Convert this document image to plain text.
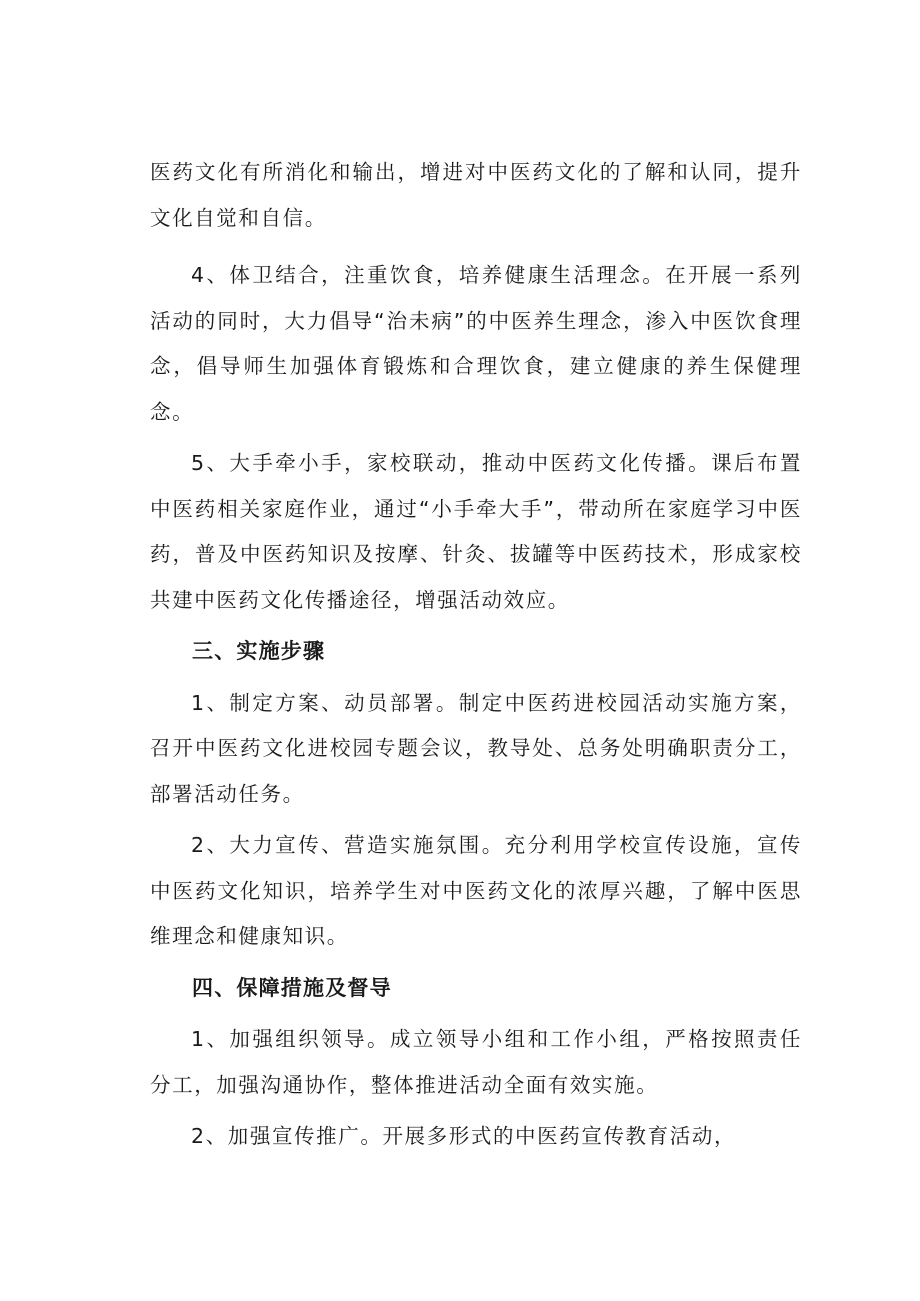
医药文化有所消化和输出，增进对中医药文化的了解和认同，提升文化自觉和自信。

4、体卫结合，注重饮食，培养健康生活理念。在开展一系列活动的同时，大力倡导“治未病”的中医养生理念，渗入中医饮食理念，倡导师生加强体育锻炼和合理饮食，建立健康的养生保健理念。

5、大手牵小手，家校联动，推动中医药文化传播。课后布置中医药相关家庭作业，通过“小手牵大手”，带动所在家庭学习中医药，普及中医药知识及按摩、针灸、拔罐等中医药技术，形成家校共建中医药文化传播途径，增强活动效应。

三、实施步骤

1、制定方案、动员部署。制定中医药进校园活动实施方案，召开中医药文化进校园专题会议，教导处、总务处明确职责分工，部署活动任务。

2、大力宣传、营造实施氛围。充分利用学校宣传设施，宣传中医药文化知识，培养学生对中医药文化的浓厚兴趣，了解中医思维理念和健康知识。

四、保障措施及督导

1、加强组织领导。成立领导小组和工作小组，严格按照责任分工，加强沟通协作，整体推进活动全面有效实施。

2、加强宣传推广。开展多形式的中医药宣传教育活动，
